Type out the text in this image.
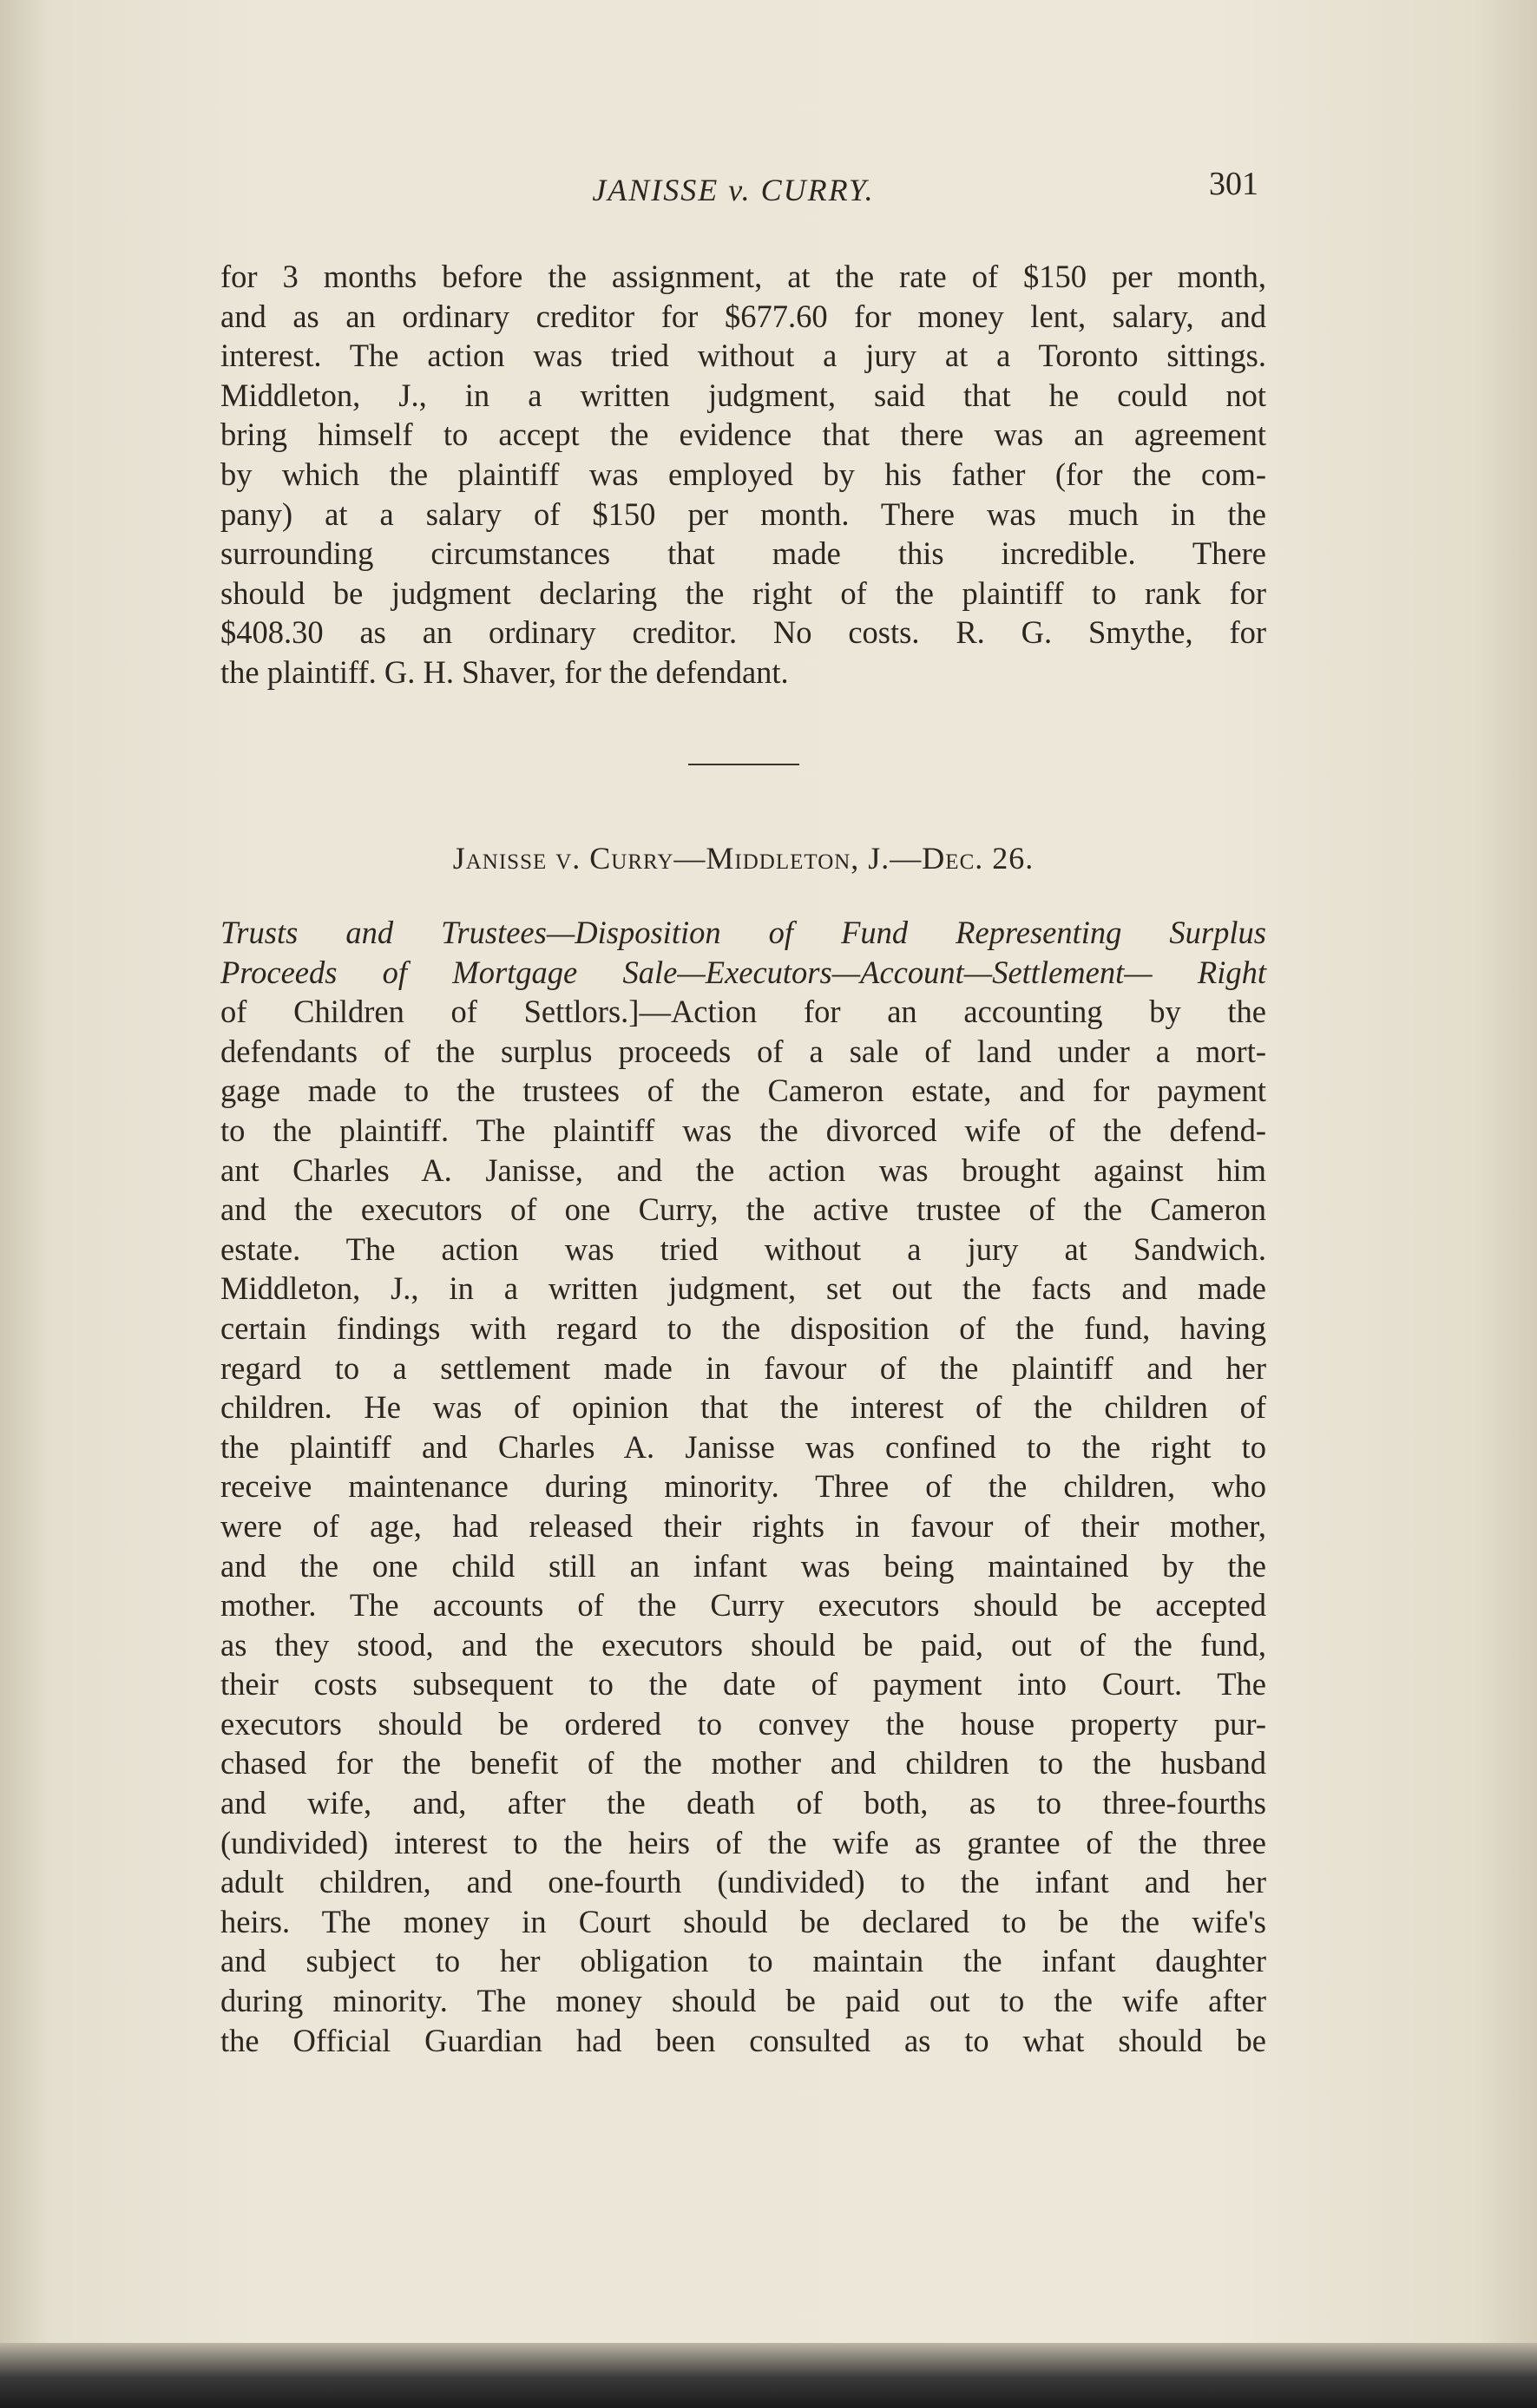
JANISSE v. CURRY.	301
for 3 months before the assignment, at the rate of $150 per month,
and as an ordinary creditor for $677.60 for money lent, salary, and
interest. The action was tried without a jury at a Toronto sittings.
Middleton, J., in a written judgment, said that he could not
bring himself to accept the evidence that there was an agreement
by which the plaintiff was employed by his father (for the com-
pany) at a salary of $150 per month. There was much in the
surrounding circumstances that made this incredible. There
should be judgment declaring the right of the plaintiff to rank for
$408.30 as an ordinary creditor. No costs. R. G. Smythe, for
the plaintiff. G. H. Shaver, for the defendant.
Janisse v. Curry—Middleton, J.—Dec. 26.
Trusts and Trustees—Disposition of Fund Representing Surplus
Proceeds of Mortgage Sale—Executors—Account—Settlement— Right
of Children of Settlors.]—Action for an accounting by the
defendants of the surplus proceeds of a sale of land under a mort-
gage made to the trustees of the Cameron estate, and for payment
to the plaintiff. The plaintiff was the divorced wife of the defend-
ant Charles A. Janisse, and the action was brought against him
and the executors of one Curry, the active trustee of the Cameron
estate. The action was tried without a jury at Sandwich.
Middleton, J., in a written judgment, set out the facts and made
certain findings with regard to the disposition of the fund, having
regard to a settlement made in favour of the plaintiff and her
children. He was of opinion that the interest of the children of
the plaintiff and Charles A. Janisse was confined to the right to
receive maintenance during minority. Three of the children, who
were of age, had released their rights in favour of their mother,
and the one child still an infant was being maintained by the
mother. The accounts of the Curry executors should be accepted
as they stood, and the executors should be paid, out of the fund,
their costs subsequent to the date of payment into Court. The
executors should be ordered to convey the house property pur-
chased for the benefit of the mother and children to the husband
and wife, and, after the death of both, as to three-fourths
(undivided) interest to the heirs of the wife as grantee of the three
adult children, and one-fourth (undivided) to the infant and her
heirs. The money in Court should be declared to be the wife's
and subject to her obligation to maintain the infant daughter
during minority. The money should be paid out to the wife after
the Official Guardian had been consulted as to what should be
